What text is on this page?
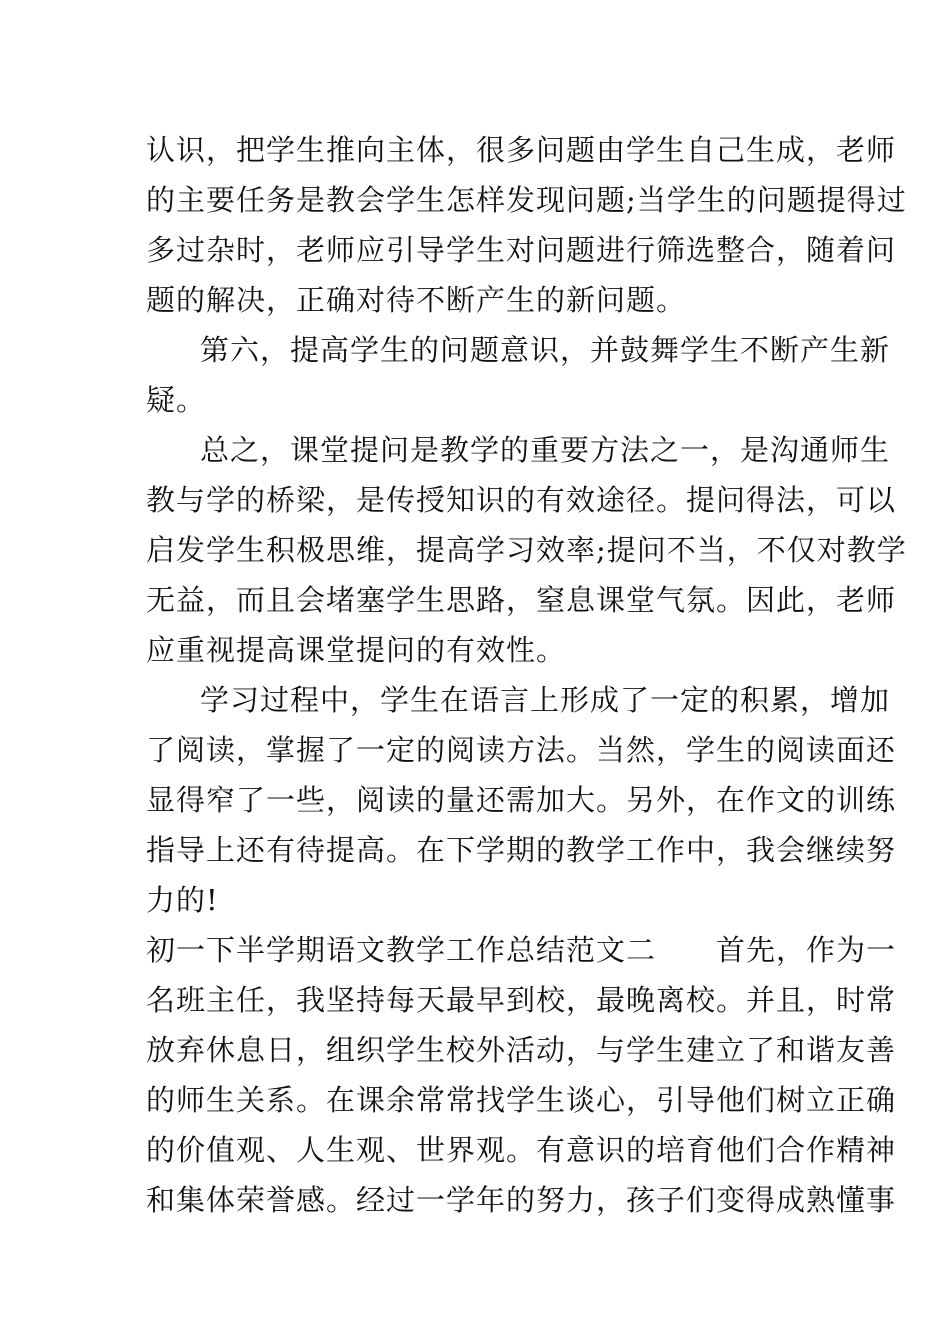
认识，把学生推向主体，很多问题由学生自己生成，老师

的主要任务是教会学生怎样发现问题;当学生的问题提得过

多过杂时，老师应引导学生对问题进行筛选整合，随着问

题的解决，正确对待不断产生的新问题。

第六，提高学生的问题意识，并鼓舞学生不断产生新

疑。

总之，课堂提问是教学的重要方法之一，是沟通师生

教与学的桥梁，是传授知识的有效途径。提问得法，可以

启发学生积极思维，提高学习效率;提问不当，不仅对教学

无益，而且会堵塞学生思路，窒息课堂气氛。因此，老师

应重视提高课堂提问的有效性。

学习过程中，学生在语言上形成了一定的积累，增加

了阅读，掌握了一定的阅读方法。当然，学生的阅读面还

显得窄了一些，阅读的量还需加大。另外，在作文的训练

指导上还有待提高。在下学期的教学工作中，我会继续努

力的!

初一下半学期语文教学工作总结范文二　　首先，作为一

名班主任，我坚持每天最早到校，最晚离校。并且，时常

放弃休息日，组织学生校外活动，与学生建立了和谐友善

的师生关系。在课余常常找学生谈心，引导他们树立正确

的价值观、人生观、世界观。有意识的培育他们合作精神

和集体荣誉感。经过一学年的努力，孩子们变得成熟懂事
